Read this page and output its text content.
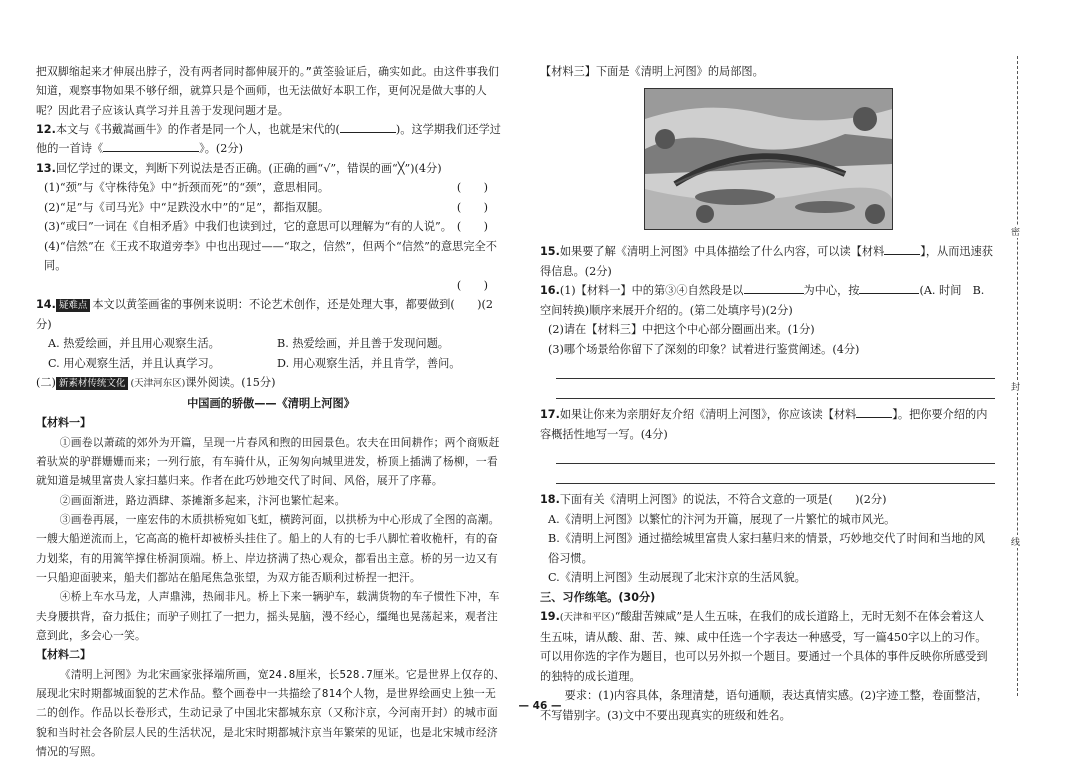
把双脚缩起来才伸展出脖子，没有两者同时都伸展开的。”黄筌验证后，确实如此。由这件事我们知道，观察事物如果不够仔细，就算只是个画师，也无法做好本职工作，更何况是做大事的人呢？因此君子应该认真学习并且善于发现问题才是。

12.本文与《书戴嵩画牛》的作者是同一个人，也就是宋代的(	)。这学期我们还学过他的一首诗《	》。(2分)

13.回忆学过的课文，判断下列说法是否正确。(正确的画“√”，错误的画“╳”)(4分)

(1)“颈”与《守株待兔》中“折颈而死”的“颈”，意思相同。	(　　)

(2)“足”与《司马光》中“足跌没水中”的“足”，都指双腿。	(　　)

(3)“或曰”一词在《自相矛盾》中我们也读到过，它的意思可以理解为“有的人说”。 (　　)

(4)“信然”在《王戎不取道旁李》中也出现过——“取之，信然”，但两个“信然”的意思完全不同。

(　　)

14. 疑难点 本文以黄筌画雀的事例来说明：不论艺术创作，还是处理大事，都要做到(　　)(2分)

A. 热爱绘画，并且用心观察生活。	B. 热爱绘画，并且善于发现问题。
C. 用心观察生活，并且认真学习。	D. 用心观察生活，并且肯学，善问。

(二) 新素材传统文化 (天津河东区)课外阅读。(15分)

中国画的骄傲——《清明上河图》

【材料一】

①画卷以萧疏的郊外为开篇，呈现一片春风和煦的田园景色。农夫在田间耕作；两个商贩赶着驮炭的驴群姗姗而来；一列行旅，有车骑什从，正匆匆向城里进发，桥顶上插满了杨柳，一看就知道是城里富贵人家扫墓归来。作者在此巧妙地交代了时间、风俗，展开了序幕。

②画面渐进，路边酒肆、茶摊渐多起来，汴河也繁忙起来。

③画卷再展，一座宏伟的木质拱桥宛如飞虹，横跨河面，以拱桥为中心形成了全图的高潮。一艘大船逆流而上，它高高的桅杆却被桥头挂住了。船上的人有的七手八脚忙着收桅杆，有的奋力划桨，有的用篙竿撑住桥洞顶端。桥上、岸边挤满了热心观众，都看出主意。桥的另一边又有一只船迎面驶来，船夫们都站在船尾焦急张望，为双方能否顺利过桥捏一把汗。

④桥上车水马龙，人声鼎沸，热闹非凡。桥上下来一辆驴车，载满货物的车子惯性下冲，车夫身腰拱背，奋力抵住；而驴子则扛了一把力，摇头晃脑，漫不经心，缰绳也晃荡起来，观者注意到此，多会心一笑。

【材料二】

《清明上河图》为北宋画家张择端所画，宽24.8厘米，长528.7厘米。它是世界上仅存的、展现北宋时期都城面貌的艺术作品。整个画卷中一共描绘了814个人物，是世界绘画史上独一无二的创作。作品以长卷形式，生动记录了中国北宋都城东京（又称汴京，今河南开封）的城市面貌和当时社会各阶层人民的生活状况，是北宋时期都城汴京当年繁荣的见证，也是北宋城市经济情况的写照。

【材料三】下面是《清明上河图》的局部图。

15.如果要了解《清明上河图》中具体描绘了什么内容，可以读【材料	】，从而迅速获得信息。(2分)

16.(1)【材料一】中的第③④自然段是以	为中心，按	(A. 时间　B. 空间转换)顺序来展开介绍的。(第二处填序号)(2分)

(2)请在【材料三】中把这个中心部分圈画出来。(1分)

(3)哪个场景给你留下了深刻的印象？试着进行鉴赏阐述。(4分)

17.如果让你来为亲朋好友介绍《清明上河图》，你应该读【材料	】。把你要介绍的内容概括性地写一写。(4分)

18.下面有关《清明上河图》的说法，不符合文意的一项是(　　)(2分)

A.《清明上河图》以繁忙的汴河为开篇，展现了一片繁忙的城市风光。

B.《清明上河图》通过描绘城里富贵人家扫墓归来的情景，巧妙地交代了时间和当地的风俗习惯。

C.《清明上河图》生动展现了北宋汴京的生活风貌。

三、习作练笔。(30分)

19.(天津和平区)“酸甜苦辣咸”是人生五味，在我们的成长道路上，无时无刻不在体会着这人生五味，请从酸、甜、苦、辣、咸中任选一个字表达一种感受，写一篇450字以上的习作。可以用你选的字作为题目，也可以另外拟一个题目。要通过一个具体的事件反映你所感受到的独特的成长道理。

要求：(1)内容具体，条理清楚，语句通顺，表达真情实感。(2)字迹工整，卷面整洁，不写错别字。(3)文中不要出现真实的班级和姓名。

— 46 —
密
封
线
